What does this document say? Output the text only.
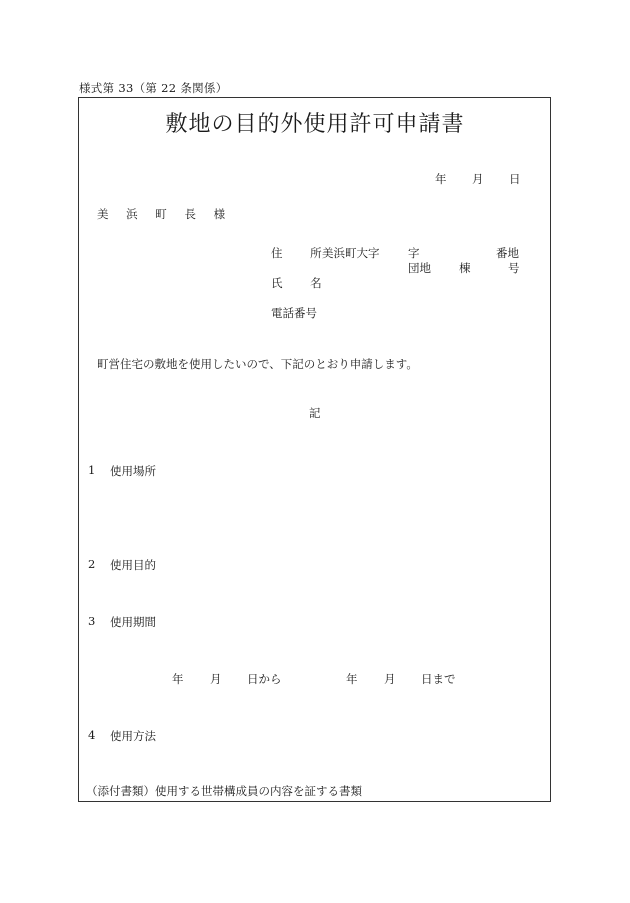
様式第 33（第 22 条関係）
敷地の目的外使用許可申請書
年 月 日
美 浜 町 長 様
住 所
美浜町大字 字	番地
団地 棟	号
氏 名
電話番号
町営住宅の敷地を使用したいので、下記のとおり申請します。
記
1 使用場所
2 使用目的
3 使用期間
年 月 日から	年 月 日まで
4 使用方法
（添付書類）使用する世帯構成員の内容を証する書類
